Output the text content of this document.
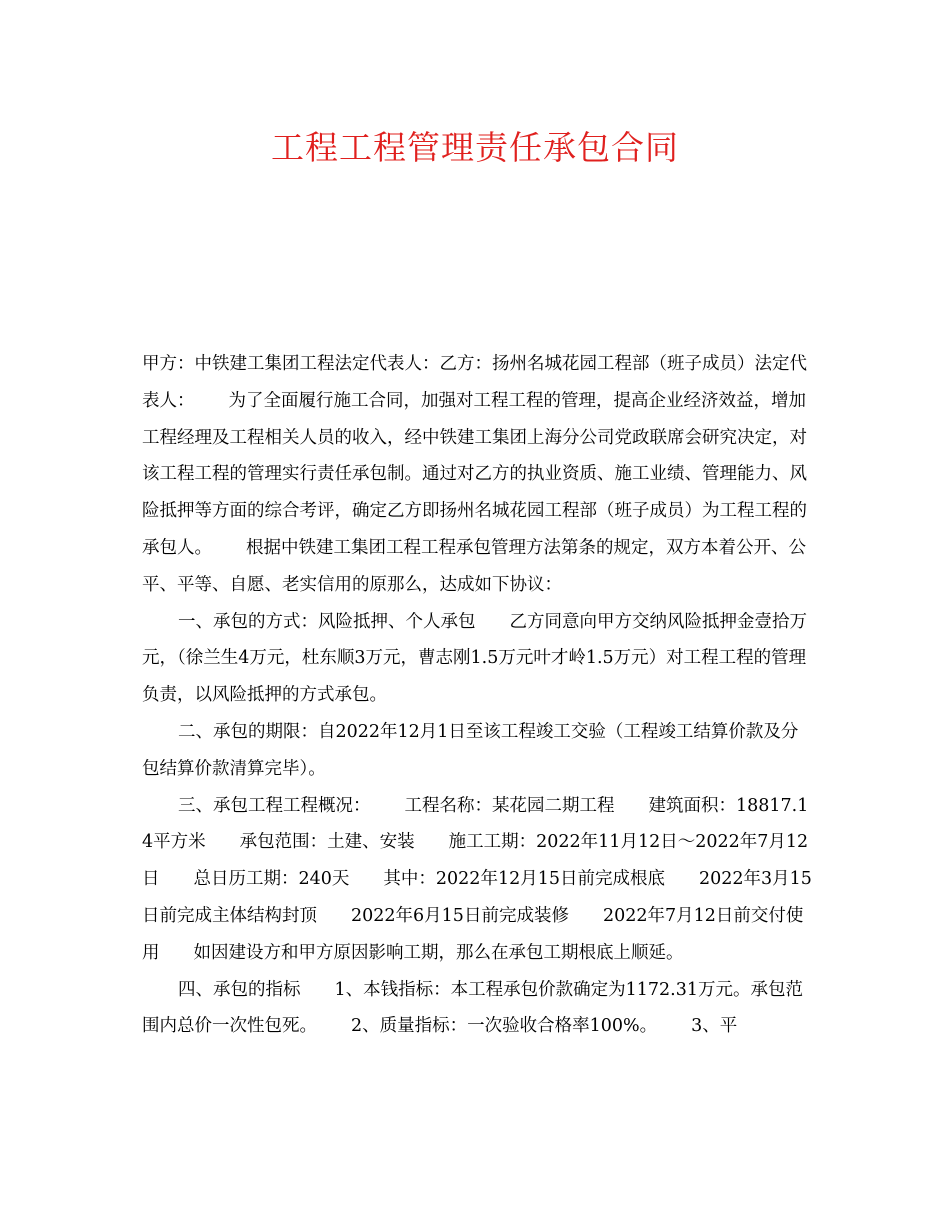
工程工程管理责任承包合同

甲方：中铁建工集团工程法定代表人：乙方：扬州名城花园工程部（班子成员）法定代表人： 为了全面履行施工合同，加强对工程工程的管理，提高企业经济效益，增加工程经理及工程相关人员的收入，经中铁建工集团上海分公司党政联席会研究决定，对该工程工程的管理实行责任承包制。通过对乙方的执业资质、施工业绩、管理能力、风险抵押等方面的综合考评，确定乙方即扬州名城花园工程部（班子成员）为工程工程的承包人。 根据中铁建工集团工程工程承包管理方法第条的规定，双方本着公开、公平、平等、自愿、老实信用的原那么，达成如下协议：

一、承包的方式：风险抵押、个人承包 乙方同意向甲方交纳风险抵押金壹拾万元，（徐兰生4万元，杜东顺3万元，曹志刚1.5万元叶才岭1.5万元）对工程工程的管理负责，以风险抵押的方式承包。

二、承包的期限：自2022年12月1日至该工程竣工交验（工程竣工结算价款及分包结算价款清算完毕）。

三、承包工程工程概况： 工程名称：某花园二期工程 建筑面积：18817.14平方米 承包范围：土建、安装 施工工期：2022年11月12日～2022年7月12日 总日历工期：240天 其中：2022年12月15日前完成根底 2022年3月15日前完成主体结构封顶 2022年6月15日前完成装修 2022年7月12日前交付使用 如因建设方和甲方原因影响工期，那么在承包工期根底上顺延。

四、承包的指标 1、本钱指标：本工程承包价款确定为1172.31万元。承包范围内总价一次性包死。 2、质量指标：一次验收合格率100%。 3、平
